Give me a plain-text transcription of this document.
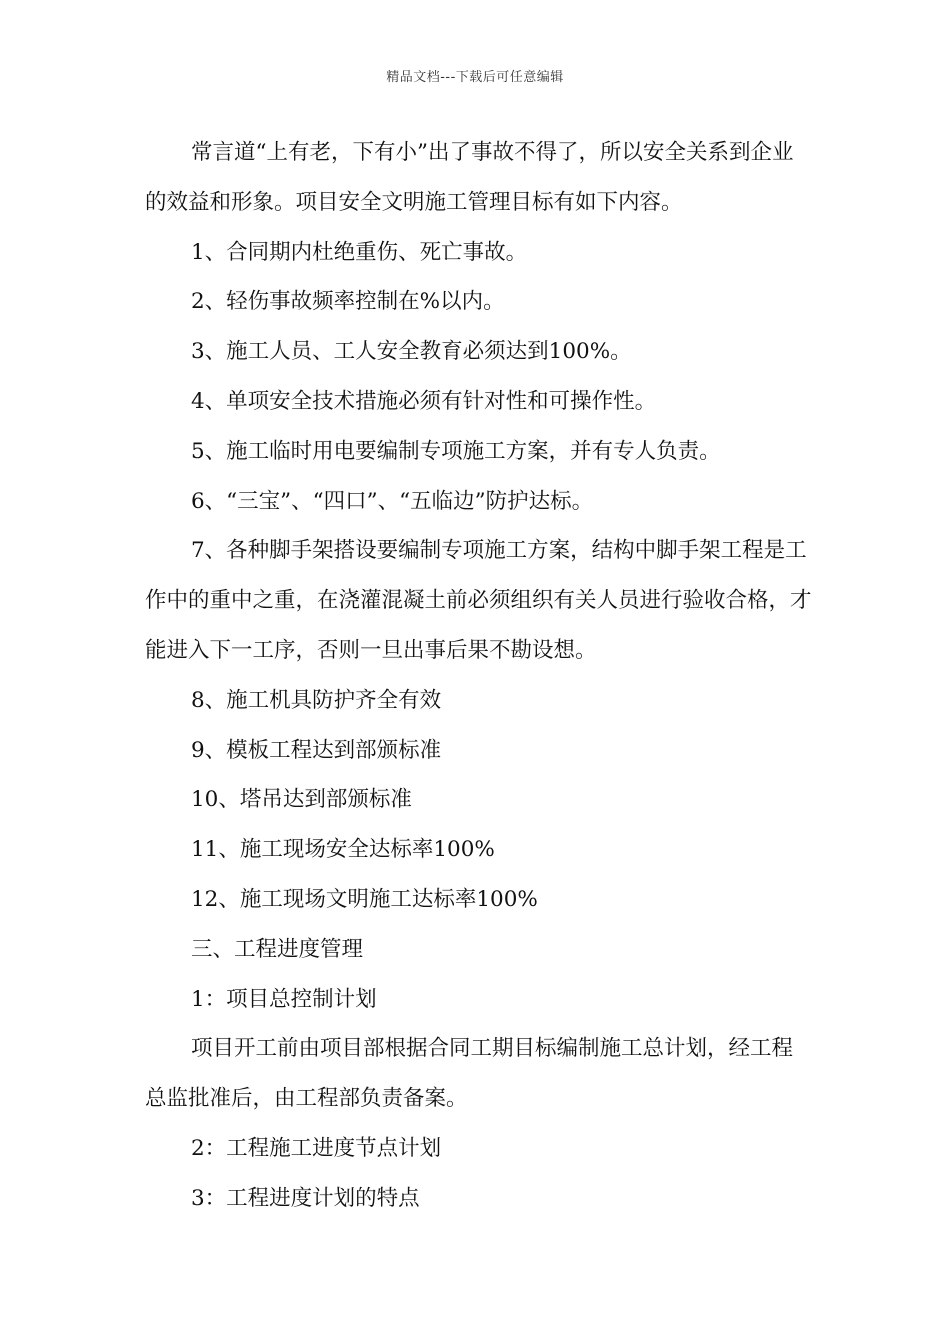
精品文档---下载后可任意编辑

常言道“上有老，下有小”出了事故不得了，所以安全关系到企业的效益和形象。项目安全文明施工管理目标有如下内容。

1、合同期内杜绝重伤、死亡事故。

2、轻伤事故频率控制在%以内。

3、施工人员、工人安全教育必须达到100%。

4、单项安全技术措施必须有针对性和可操作性。

5、施工临时用电要编制专项施工方案，并有专人负责。

6、“三宝”、“四口”、“五临边”防护达标。

7、各种脚手架搭设要编制专项施工方案，结构中脚手架工程是工作中的重中之重，在浇灌混凝土前必须组织有关人员进行验收合格，才能进入下一工序，否则一旦出事后果不勘设想。

8、施工机具防护齐全有效

9、模板工程达到部颁标准

10、塔吊达到部颁标准

11、施工现场安全达标率100%

12、施工现场文明施工达标率100%

三、工程进度管理

1：项目总控制计划

项目开工前由项目部根据合同工期目标编制施工总计划，经工程总监批准后，由工程部负责备案。

2：工程施工进度节点计划

3：工程进度计划的特点
